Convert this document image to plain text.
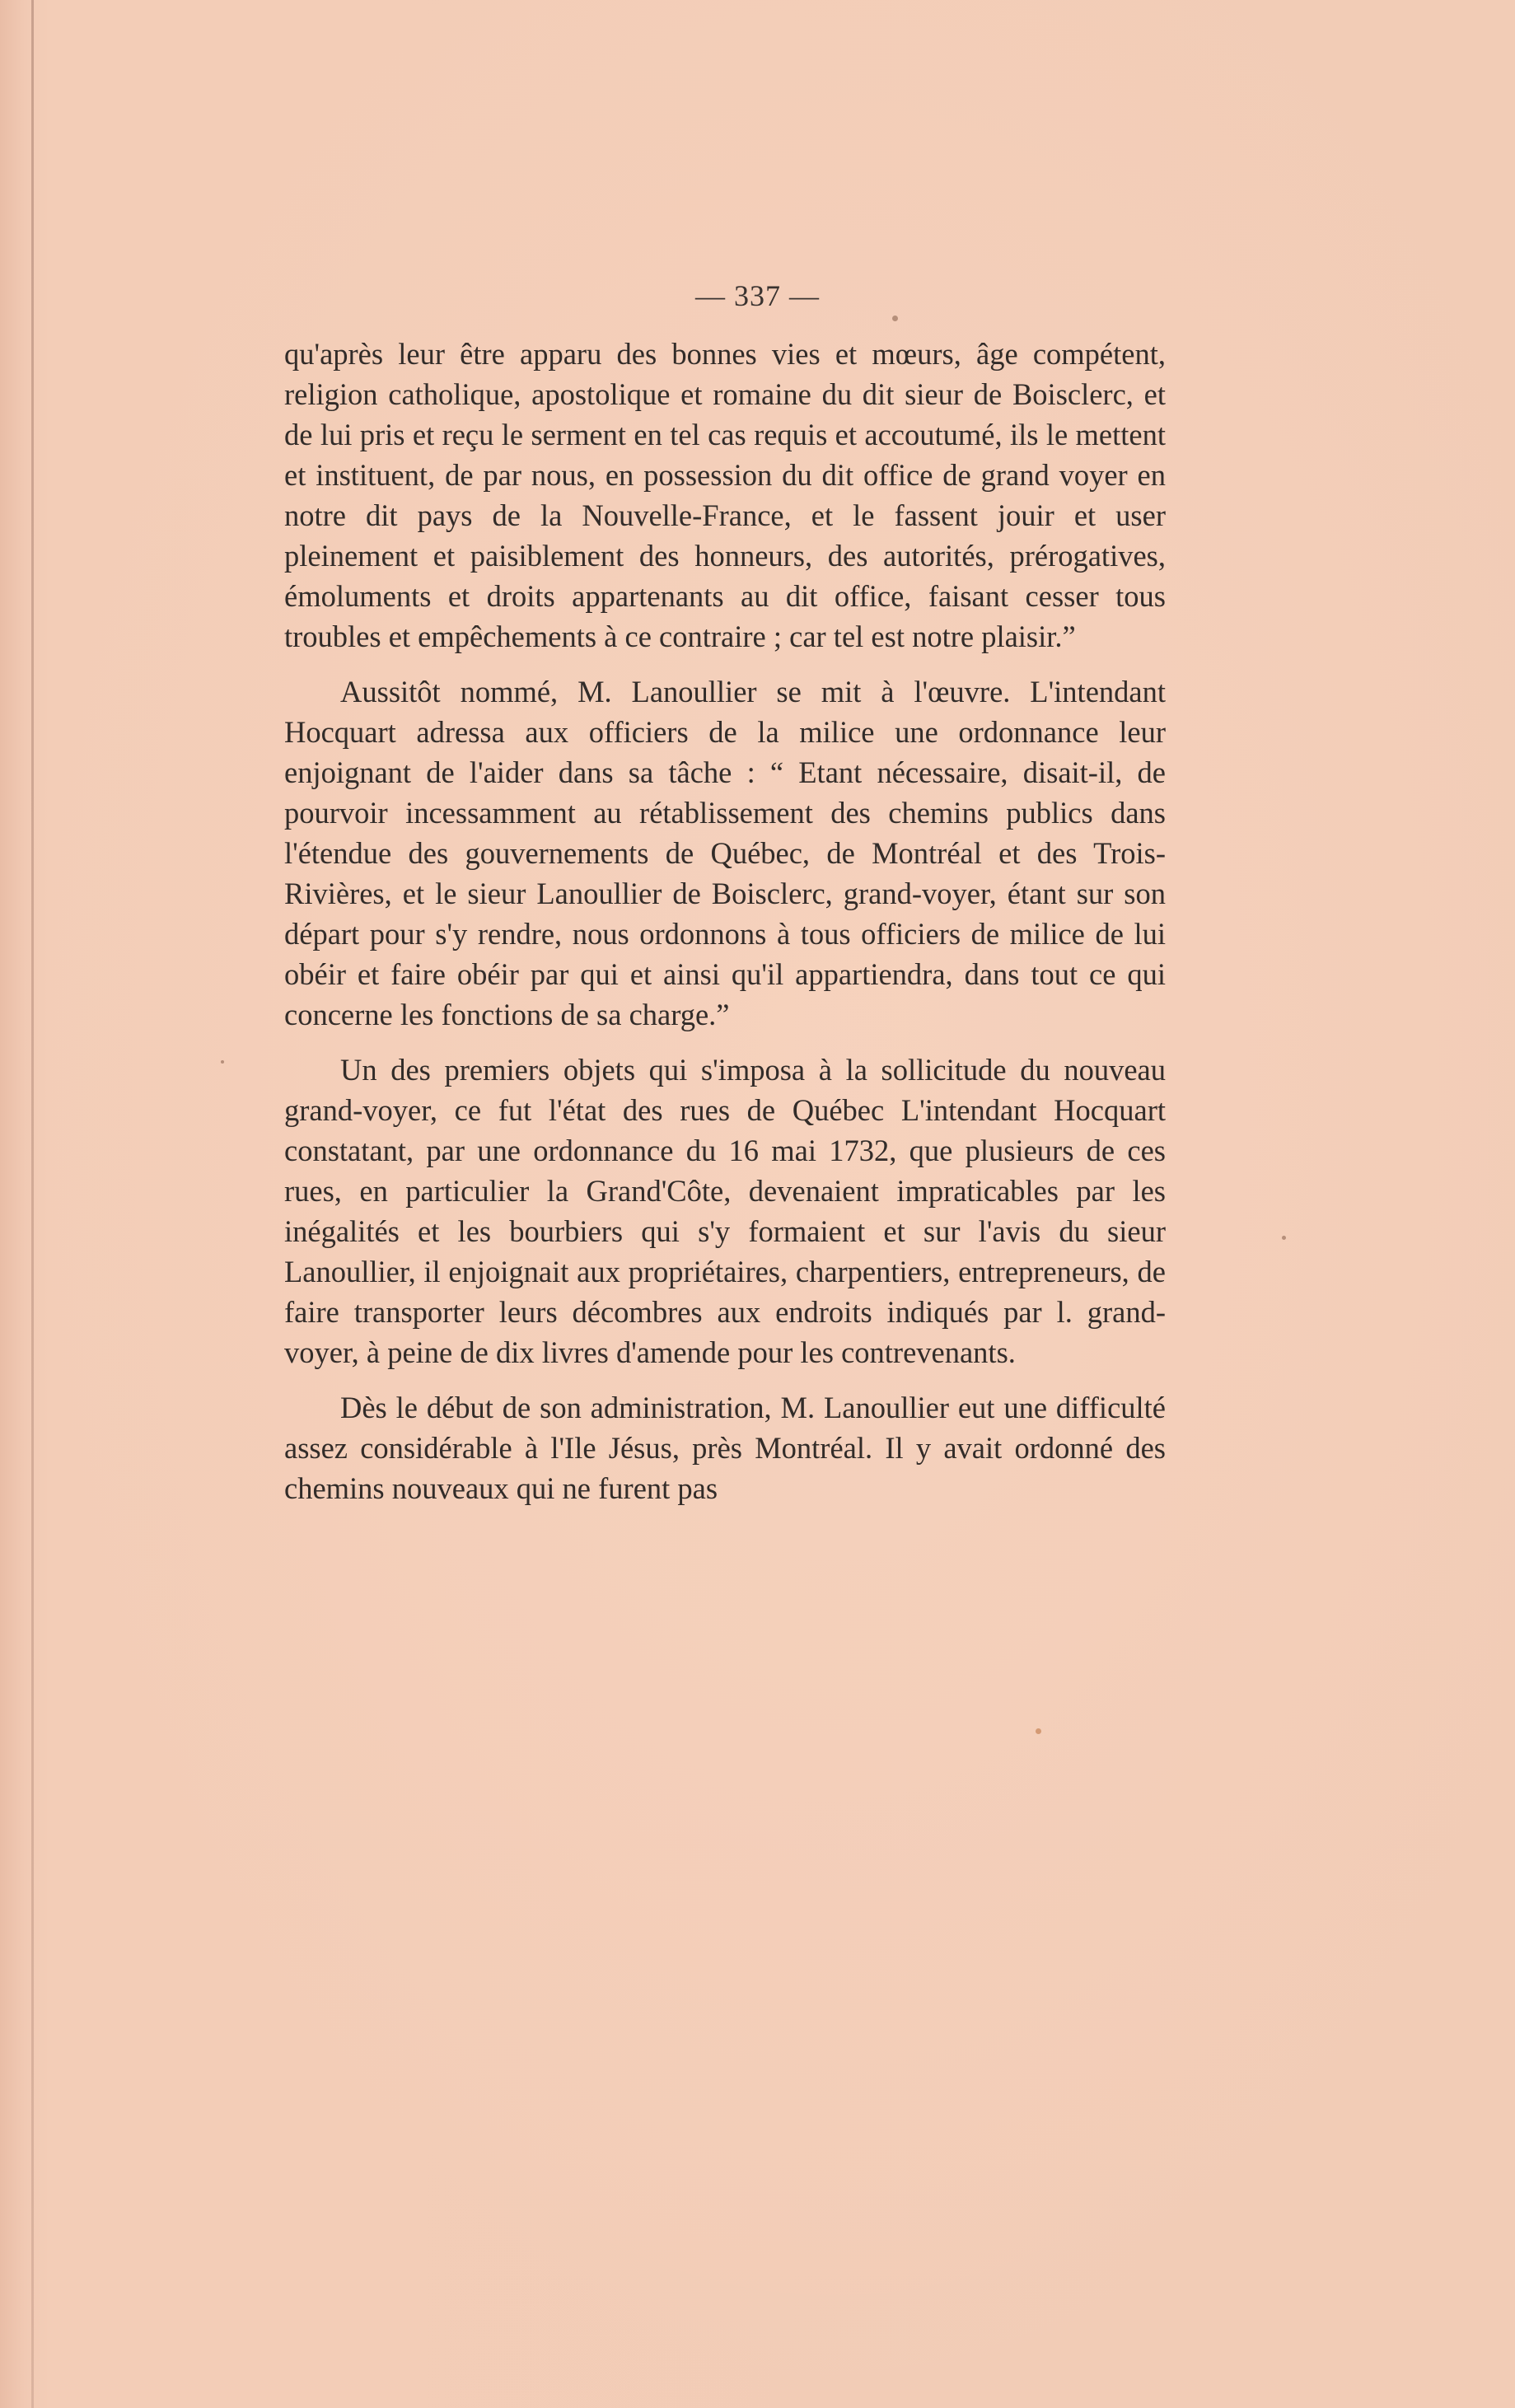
— 337 —

qu'après leur être apparu des bonnes vies et mœurs, âge compétent, religion catholique, apostolique et romaine du dit sieur de Boisclerc, et de lui pris et reçu le serment en tel cas requis et accoutumé, ils le mettent et instituent, de par nous, en possession du dit office de grand voyer en notre dit pays de la Nouvelle-France, et le fassent jouir et user pleinement et paisiblement des honneurs, des autorités, prérogatives, émoluments et droits appartenants au dit office, faisant cesser tous troubles et empêchements à ce contraire ; car tel est notre plaisir.”

Aussitôt nommé, M. Lanoullier se mit à l'œuvre. L'intendant Hocquart adressa aux officiers de la milice une ordonnance leur enjoignant de l'aider dans sa tâche : “ Etant nécessaire, disait-il, de pourvoir incessamment au rétablissement des chemins publics dans l'étendue des gouvernements de Québec, de Montréal et des Trois-Rivières, et le sieur Lanoullier de Boisclerc, grand-voyer, étant sur son départ pour s'y rendre, nous ordonnons à tous officiers de milice de lui obéir et faire obéir par qui et ainsi qu'il appartiendra, dans tout ce qui concerne les fonctions de sa charge.”

Un des premiers objets qui s'imposa à la sollicitude du nouveau grand-voyer, ce fut l'état des rues de Québec L'intendant Hocquart constatant, par une ordonnance du 16 mai 1732, que plusieurs de ces rues, en particulier la Grand'Côte, devenaient impraticables par les inégalités et les bourbiers qui s'y formaient et sur l'avis du sieur Lanoullier, il enjoignait aux propriétaires, charpentiers, entrepreneurs, de faire transporter leurs décombres aux endroits indiqués par l. grand-voyer, à peine de dix livres d'amende pour les contrevenants.

Dès le début de son administration, M. Lanoullier eut une difficulté assez considérable à l'Ile Jésus, près Montréal. Il y avait ordonné des chemins nouveaux qui ne furent pas
